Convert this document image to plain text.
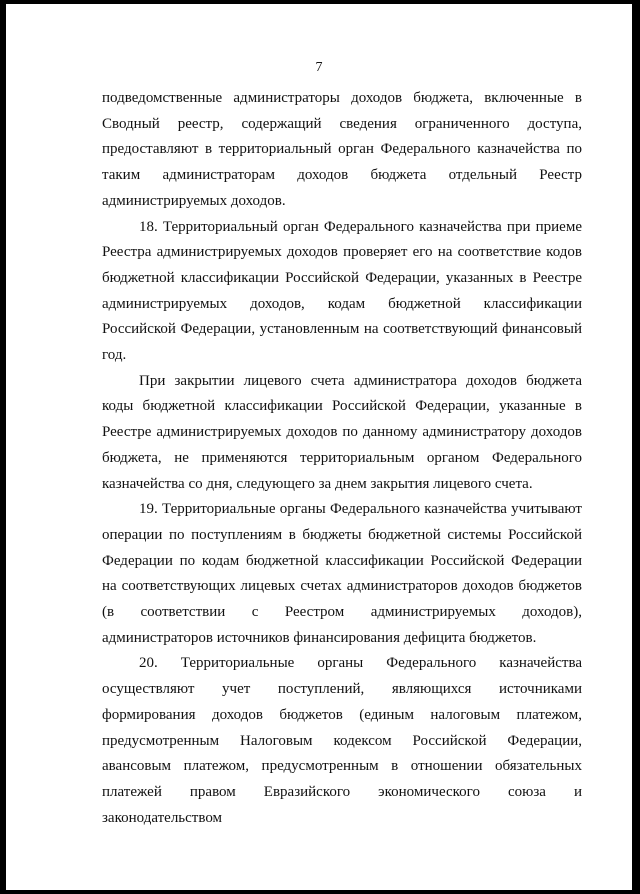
7

подведомственные администраторы доходов бюджета, включенные в Сводный реестр, содержащий сведения ограниченного доступа, предоставляют в территориальный орган Федерального казначейства по таким администраторам доходов бюджета отдельный Реестр администрируемых доходов.

18. Территориальный орган Федерального казначейства при приеме Реестра администрируемых доходов проверяет его на соответствие кодов бюджетной классификации Российской Федерации, указанных в Реестре администрируемых доходов, кодам бюджетной классификации Российской Федерации, установленным на соответствующий финансовый год.

При закрытии лицевого счета администратора доходов бюджета коды бюджетной классификации Российской Федерации, указанные в Реестре администрируемых доходов по данному администратору доходов бюджета, не применяются территориальным органом Федерального казначейства со дня, следующего за днем закрытия лицевого счета.

19. Территориальные органы Федерального казначейства учитывают операции по поступлениям в бюджеты бюджетной системы Российской Федерации по кодам бюджетной классификации Российской Федерации на соответствующих лицевых счетах администраторов доходов бюджетов (в соответствии с Реестром администрируемых доходов), администраторов источников финансирования дефицита бюджетов.

20. Территориальные органы Федерального казначейства осуществляют учет поступлений, являющихся источниками формирования доходов бюджетов (единым налоговым платежом, предусмотренным Налоговым кодексом Российской Федерации, авансовым платежом, предусмотренным в отношении обязательных платежей правом Евразийского экономического союза и законодательством
